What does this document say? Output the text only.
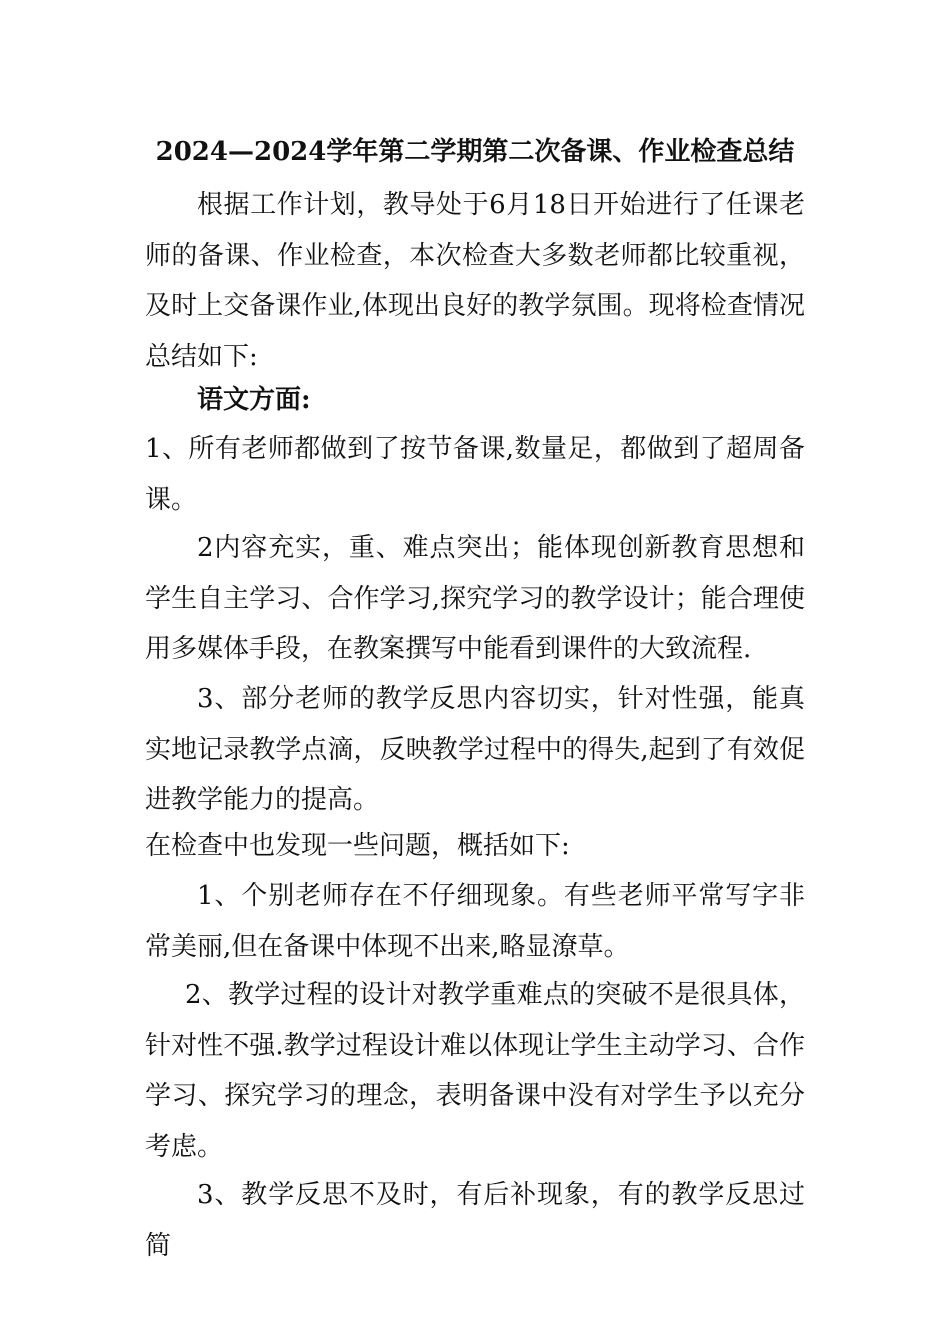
2024—2024学年第二学期第二次备课、作业检查总结

根据工作计划，教导处于6月18日开始进行了任课老师的备课、作业检查，本次检查大多数老师都比较重视，及时上交备课作业,体现出良好的教学氛围。现将检查情况总结如下:

语文方面:

1、所有老师都做到了按节备课,数量足，都做到了超周备课。

2内容充实，重、难点突出；能体现创新教育思想和学生自主学习、合作学习,探究学习的教学设计；能合理使用多媒体手段，在教案撰写中能看到课件的大致流程.

3、部分老师的教学反思内容切实，针对性强，能真实地记录教学点滴，反映教学过程中的得失,起到了有效促进教学能力的提高。

在检查中也发现一些问题，概括如下:

1、个别老师存在不仔细现象。有些老师平常写字非常美丽,但在备课中体现不出来,略显潦草。

2、教学过程的设计对教学重难点的突破不是很具体，针对性不强.教学过程设计难以体现让学生主动学习、合作学习、探究学习的理念，表明备课中没有对学生予以充分考虑。

3、教学反思不及时，有后补现象，有的教学反思过简
